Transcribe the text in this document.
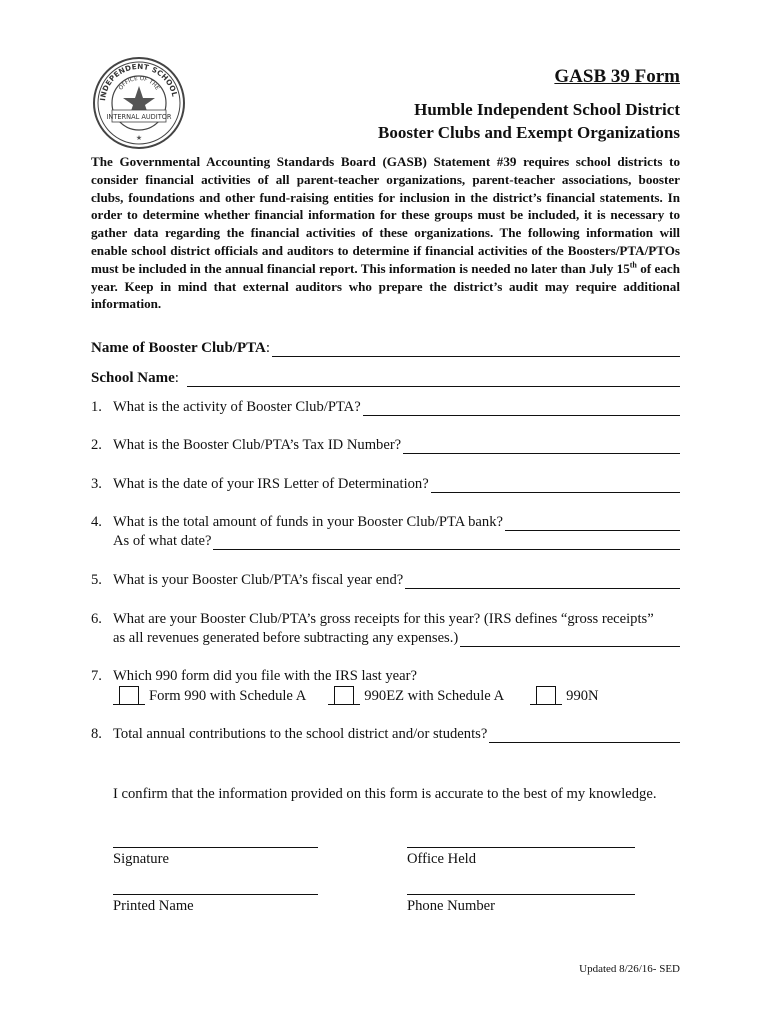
INDEPENDENT SCHOOL
OFFICE OF THE
INTERNAL AUDITOR
★
GASB 39 Form
Humble Independent School District
Booster Clubs and Exempt Organizations
The Governmental Accounting Standards Board (GASB) Statement #39 requires school districts to consider financial activities of all parent-teacher organizations, parent-teacher associations, booster clubs, foundations and other fund-raising entities for inclusion in the district’s financial statements. In order to determine whether financial information for these groups must be included, it is necessary to gather data regarding the financial activities of these organizations. The following information will enable school district officials and auditors to determine if financial activities of the Boosters/PTA/PTOs must be included in the annual financial report. This information is needed no later than July 15th of each year. Keep in mind that external auditors who prepare the district’s audit may require additional information.
Name of Booster Club/PTA :
School Name :
1. What is the activity of Booster Club/PTA?
2. What is the Booster Club/PTA’s Tax ID Number?
3. What is the date of your IRS Letter of Determination?
4. What is the total amount of funds in your Booster Club/PTA bank?
As of what date?
5. What is your Booster Club/PTA’s fiscal year end?
6. What are your Booster Club/PTA’s gross receipts for this year? (IRS defines “gross receipts”
as all revenues generated before subtracting any expenses.)
7. Which 990 form did you file with the IRS last year?
Form 990 with Schedule A	990EZ with Schedule A	990N
8. Total annual contributions to the school district and/or students?
I confirm that the information provided on this form is accurate to the best of my knowledge.
Signature	Office Held
Printed Name	Phone Number
Updated 8/26/16- SED
